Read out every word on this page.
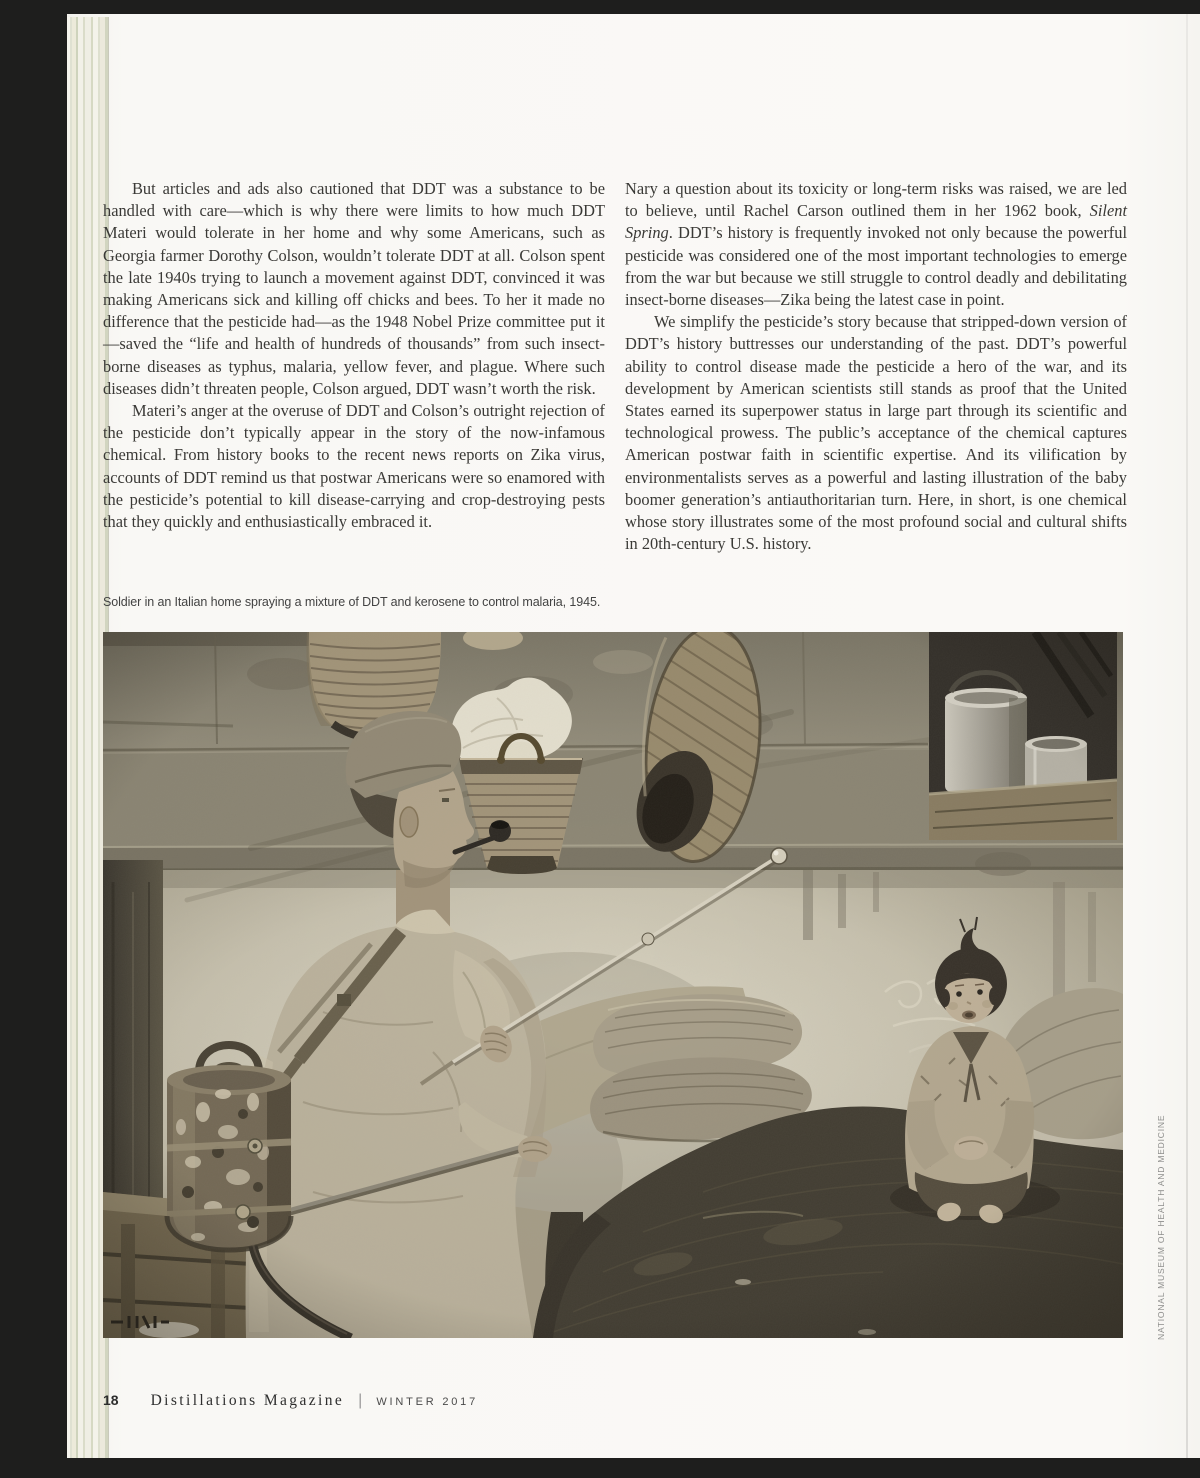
But articles and ads also cautioned that DDT was a substance to be handled with care—which is why there were limits to how much DDT Materi would tolerate in her home and why some Americans, such as Georgia farmer Dorothy Colson, wouldn’t tolerate DDT at all. Colson spent the late 1940s trying to launch a movement against DDT, convinced it was making Americans sick and killing off chicks and bees. To her it made no difference that the pesticide had—as the 1948 Nobel Prize committee put it—saved the “life and health of hundreds of thousands” from such insect-borne diseases as typhus, malaria, yellow fever, and plague. Where such diseases didn’t threaten people, Colson argued, DDT wasn’t worth the risk.

Materi’s anger at the overuse of DDT and Colson’s outright rejection of the pesticide don’t typically appear in the story of the now-infamous chemical. From history books to the recent news reports on Zika virus, accounts of DDT remind us that postwar Americans were so enamored with the pesticide’s potential to kill disease-carrying and crop-destroying pests that they quickly and enthusiastically embraced it.

Nary a question about its toxicity or long-term risks was raised, we are led to believe, until Rachel Carson outlined them in her 1962 book, Silent Spring. DDT’s history is frequently invoked not only because the powerful pesticide was considered one of the most important technologies to emerge from the war but because we still struggle to control deadly and debilitating insect-borne diseases—Zika being the latest case in point.

We simplify the pesticide’s story because that stripped-down version of DDT’s history buttresses our understanding of the past. DDT’s powerful ability to control disease made the pesticide a hero of the war, and its development by American scientists still stands as proof that the United States earned its superpower status in large part through its scientific and technological prowess. The public’s acceptance of the chemical captures American postwar faith in scientific expertise. And its vilification by environmentalists serves as a powerful and lasting illustration of the baby boomer generation’s antiauthoritarian turn. Here, in short, is one chemical whose story illustrates some of the most profound social and cultural shifts in 20th-century U.S. history.

Soldier in an Italian home spraying a mixture of DDT and kerosene to control malaria, 1945.
NATIONAL MUSEUM OF HEALTH AND MEDICINE
18 Distillations Magazine | WINTER 2017
